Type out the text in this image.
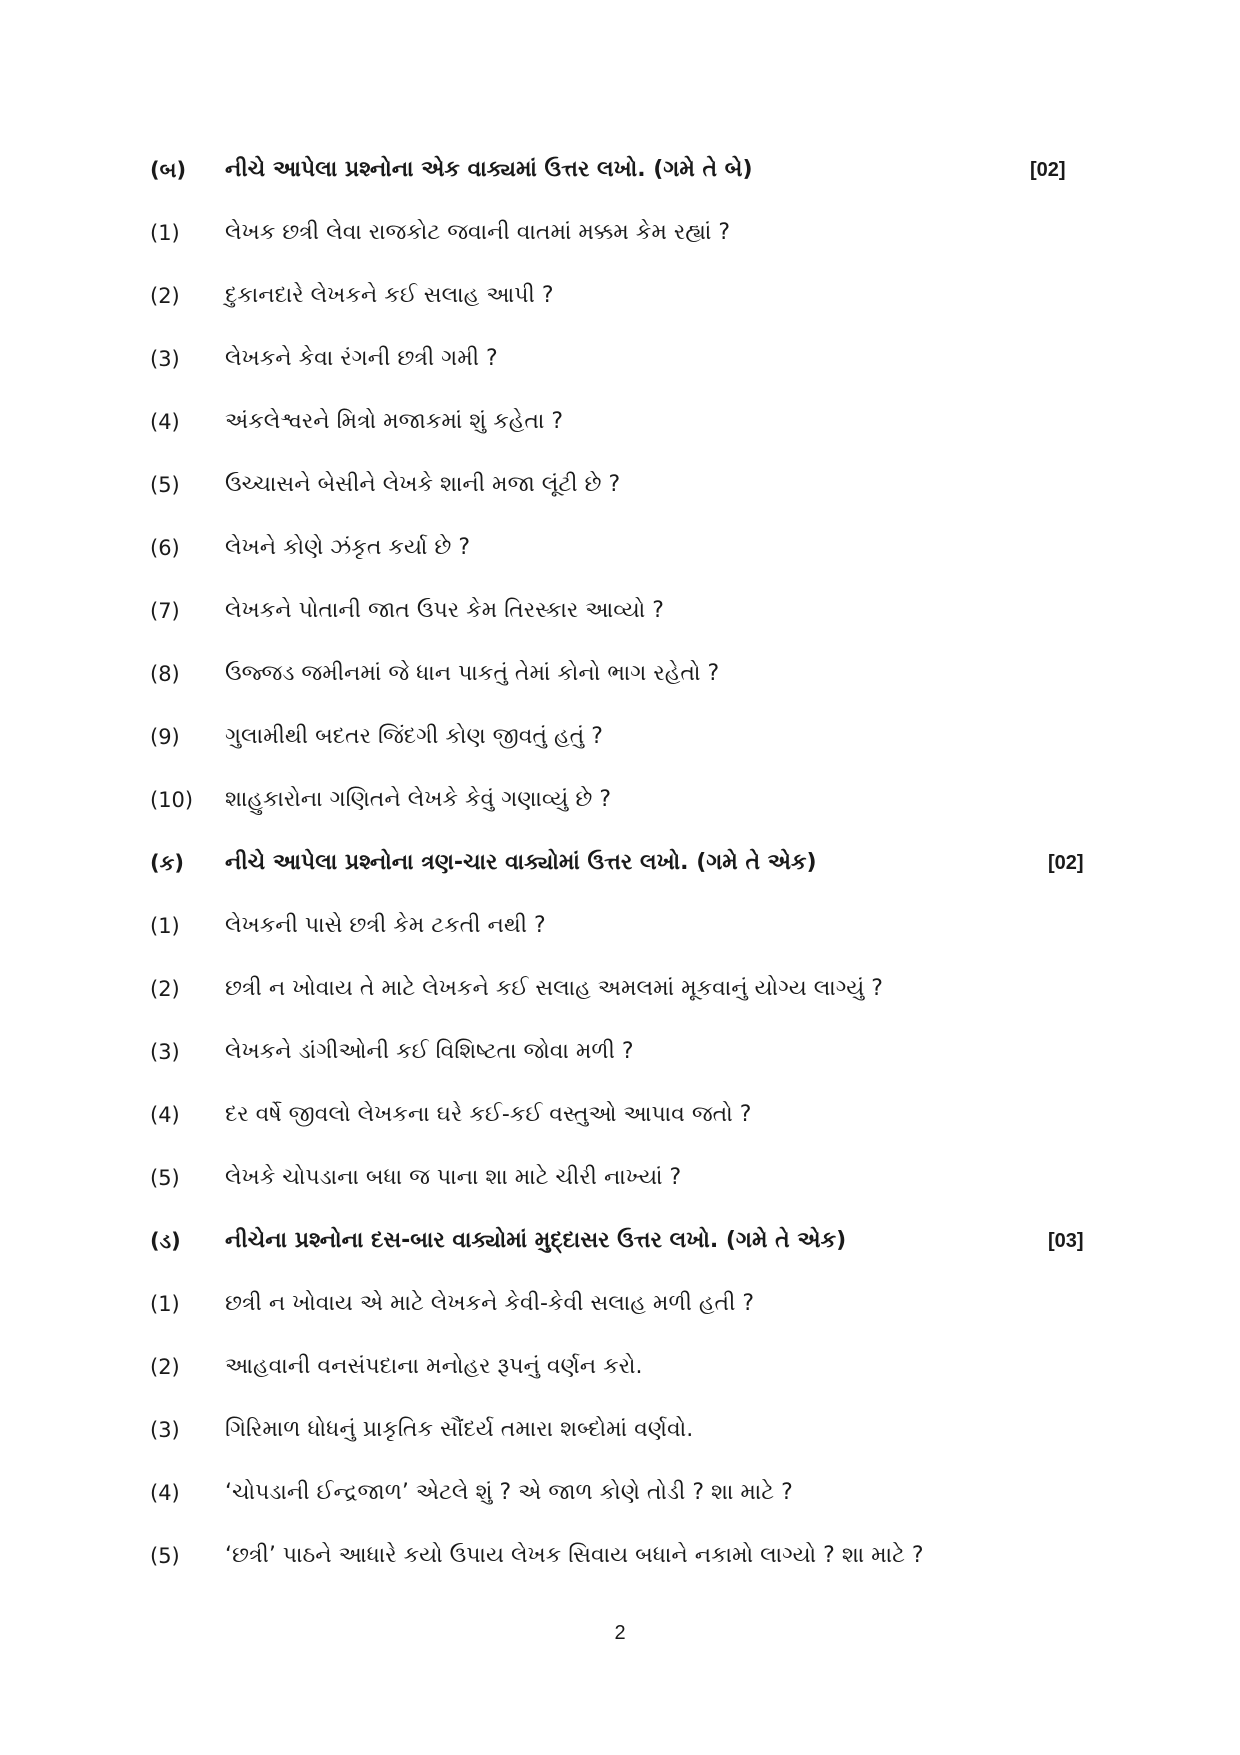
(બ) નીચે આપેલા પ્રશ્નોના એક વાક્યમાં ઉત્તર લખો. (ગમે તે બે)	[02]
(1) લેખક છત્રી લેવા રાજકોટ જવાની વાતમાં મક્કમ કેમ રહ્યાં ?
(2) દુકાનદારે લેખકને કઈ સલાહ આપી ?
(3) લેખકને કેવા રંગની છત્રી ગમી ?
(4) અંકલેશ્વરને મિત્રો મજાકમાં શું કહેતા ?
(5) ઉચ્ચાસને બેસીને લેખકે શાની મજા લૂંટી છે ?
(6) લેખને કોણે ઝંકૃત કર્યા છે ?
(7) લેખકને પોતાની જાત ઉપર કેમ તિરસ્કાર આવ્યો ?
(8) ઉજ્જડ જમીનમાં જે ધાન પાકતું તેમાં કોનો ભાગ રહેતો ?
(9) ગુલામીથી બદતર જિંદગી કોણ જીવતું હતું ?
(10) શાહુકારોના ગણિતને લેખકે કેવું ગણાવ્યું છે ?
(ક) નીચે આપેલા પ્રશ્નોના ત્રણ-ચાર વાક્યોમાં ઉત્તર લખો. (ગમે તે એક)	[02]
(1) લેખકની પાસે છત્રી કેમ ટકતી નથી ?
(2) છત્રી ન ખોવાય તે માટે લેખકને કઈ સલાહ અમલમાં મૂકવાનું યોગ્ય લાગ્યું ?
(3) લેખકને ડાંગીઓની કઈ વિશિષ્ટતા જોવા મળી ?
(4) દર વર્ષે જીવલો લેખકના ઘરે કઈ-કઈ વસ્તુઓ આપાવ જતો ?
(5) લેખકે ચોપડાના બધા જ પાના શા માટે ચીરી નાખ્યાં ?
(ડ) નીચેના પ્રશ્નોના દસ-બાર વાક્યોમાં મુદ્દાસર ઉત્તર લખો. (ગમે તે એક)	[03]
(1) છત્રી ન ખોવાય એ માટે લેખકને કેવી-કેવી સલાહ મળી હતી ?
(2) આહવાની વનસંપદાના મનોહર રૂપનું વર્ણન કરો.
(3) ગિરિમાળ ધોધનું પ્રાકૃતિક સૌંદર્ય તમારા શબ્દોમાં વર્ણવો.
(4) ‘ચોપડાની ઈન્દ્રજાળ’ એટલે શું ? એ જાળ કોણે તોડી ? શા માટે ?
(5) ‘છત્રી’ પાઠને આધારે કયો ઉપાય લેખક સિવાય બધાને નકામો લાગ્યો ? શા માટે ?
2
